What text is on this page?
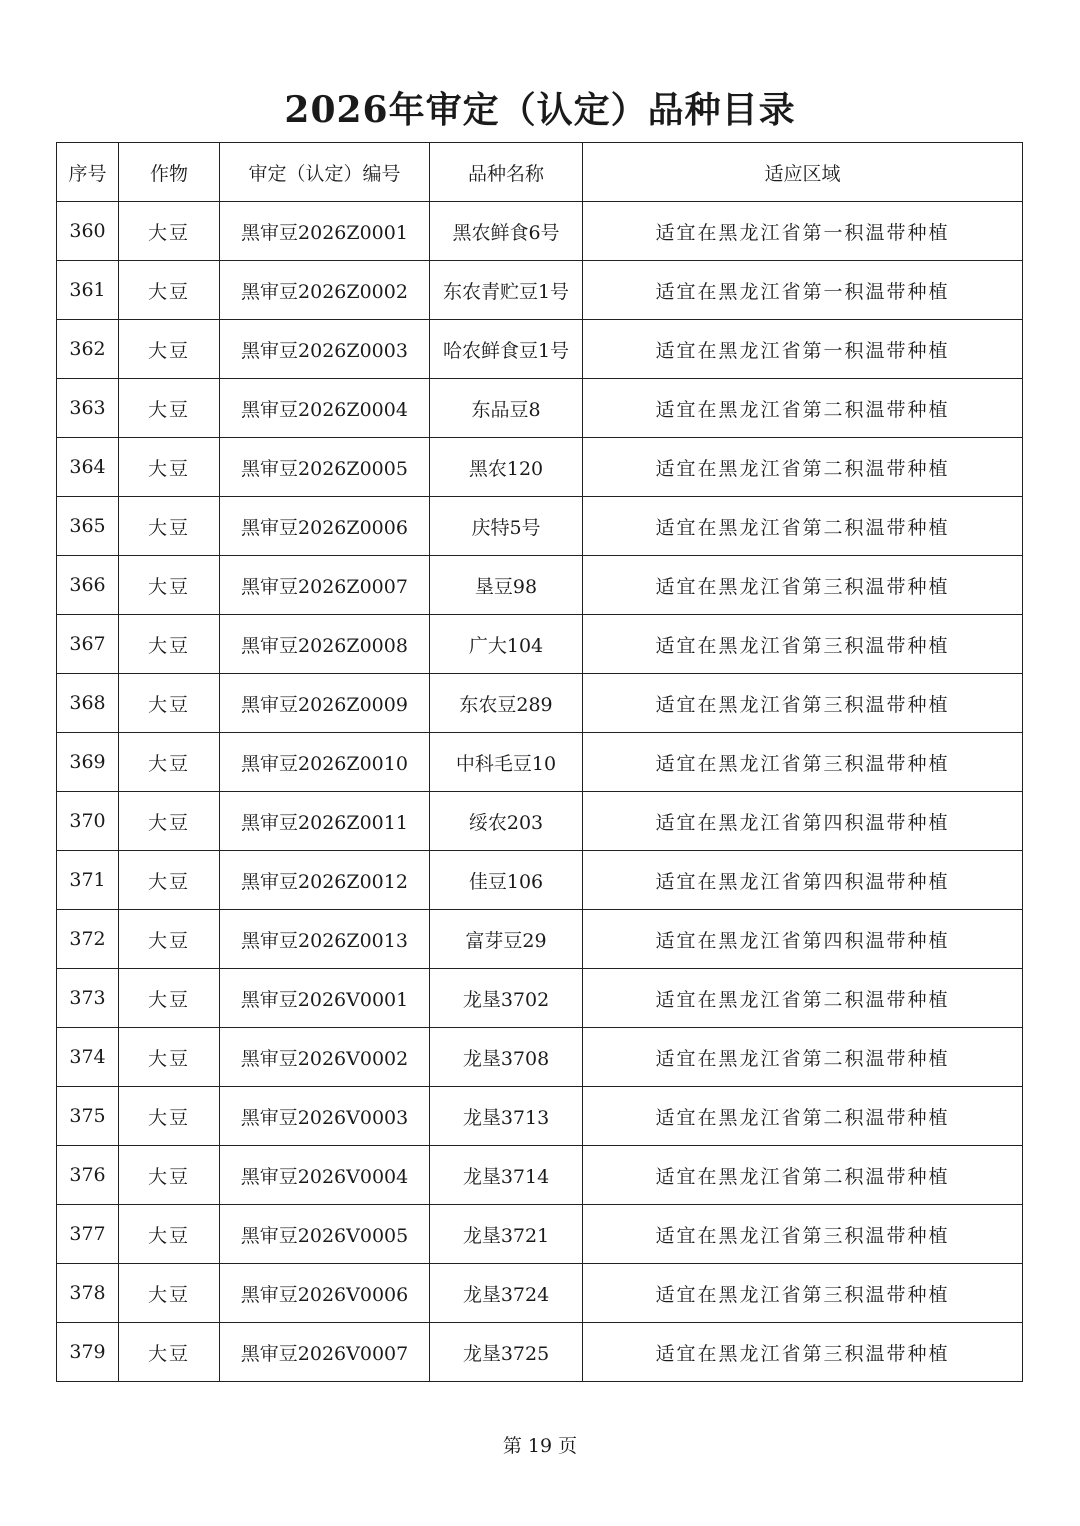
2026年审定（认定）品种目录
序号	作物	审定（认定）编号	品种名称	适应区域
360	大豆	黑审豆2026Z0001	黑农鲜食6号	适宜在黑龙江省第一积温带种植
361	大豆	黑审豆2026Z0002	东农青贮豆1号	适宜在黑龙江省第一积温带种植
362	大豆	黑审豆2026Z0003	哈农鲜食豆1号	适宜在黑龙江省第一积温带种植
363	大豆	黑审豆2026Z0004	东品豆8	适宜在黑龙江省第二积温带种植
364	大豆	黑审豆2026Z0005	黑农120	适宜在黑龙江省第二积温带种植
365	大豆	黑审豆2026Z0006	庆特5号	适宜在黑龙江省第二积温带种植
366	大豆	黑审豆2026Z0007	垦豆98	适宜在黑龙江省第三积温带种植
367	大豆	黑审豆2026Z0008	广大104	适宜在黑龙江省第三积温带种植
368	大豆	黑审豆2026Z0009	东农豆289	适宜在黑龙江省第三积温带种植
369	大豆	黑审豆2026Z0010	中科毛豆10	适宜在黑龙江省第三积温带种植
370	大豆	黑审豆2026Z0011	绥农203	适宜在黑龙江省第四积温带种植
371	大豆	黑审豆2026Z0012	佳豆106	适宜在黑龙江省第四积温带种植
372	大豆	黑审豆2026Z0013	富芽豆29	适宜在黑龙江省第四积温带种植
373	大豆	黑审豆2026V0001	龙垦3702	适宜在黑龙江省第二积温带种植
374	大豆	黑审豆2026V0002	龙垦3708	适宜在黑龙江省第二积温带种植
375	大豆	黑审豆2026V0003	龙垦3713	适宜在黑龙江省第二积温带种植
376	大豆	黑审豆2026V0004	龙垦3714	适宜在黑龙江省第二积温带种植
377	大豆	黑审豆2026V0005	龙垦3721	适宜在黑龙江省第三积温带种植
378	大豆	黑审豆2026V0006	龙垦3724	适宜在黑龙江省第三积温带种植
379	大豆	黑审豆2026V0007	龙垦3725	适宜在黑龙江省第三积温带种植
第 19 页
